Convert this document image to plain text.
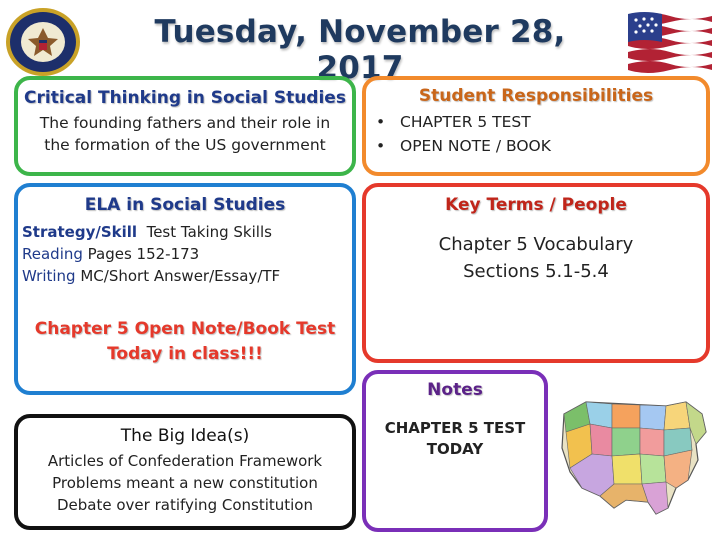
Tuesday, November 28, 2017
Critical Thinking in Social Studies
The founding fathers and their role in
the formation of the US government
Student Responsibilities
• CHAPTER 5 TEST
• OPEN NOTE / BOOK
ELA in Social Studies
Strategy/Skill  Test Taking Skills
Reading Pages 152-173
Writing MC/Short Answer/Essay/TF
Chapter 5 Open Note/Book Test
Today in class!!!
Key Terms / People
Chapter 5 Vocabulary
Sections 5.1-5.4
The Big Idea(s)
Articles of Confederation Framework
Problems meant a new constitution
Debate over ratifying Constitution
Notes
CHAPTER 5 TEST
TODAY
